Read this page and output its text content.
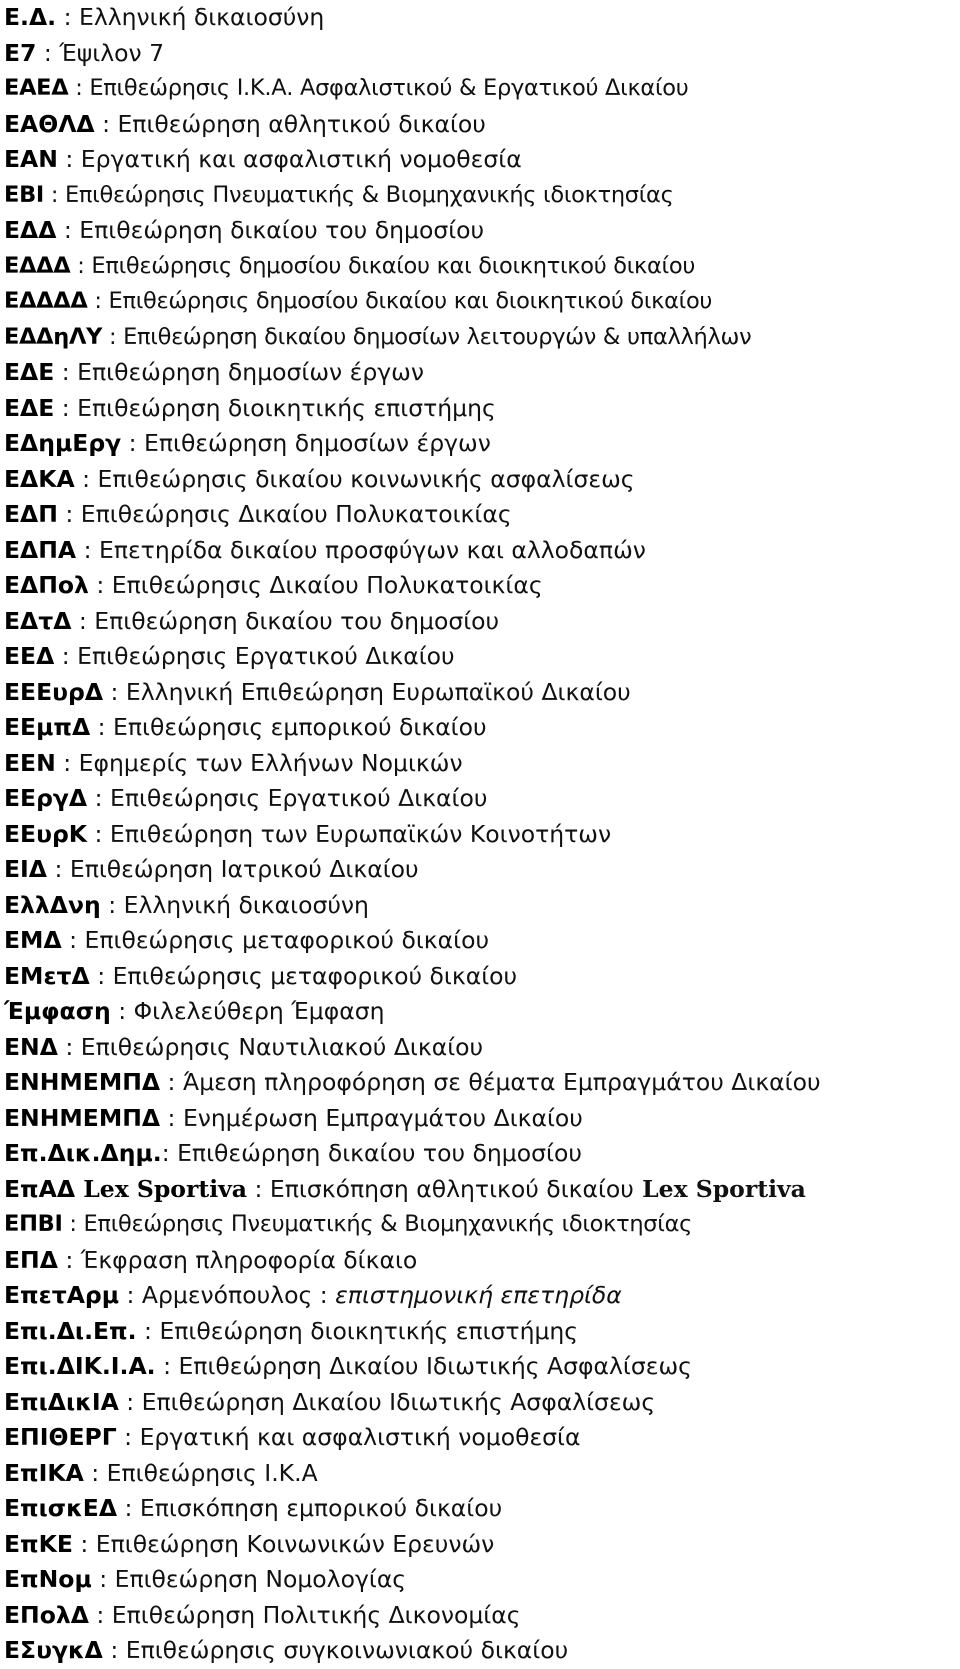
Ε.Δ. : Ελληνική δικαιοσύνη
Ε7 : Έψιλον 7
ΕΑΕΔ : Επιθεώρησις Ι.Κ.Α. Ασφαλιστικού & Εργατικού Δικαίου
ΕΑΘΛΔ : Επιθεώρηση αθλητικού δικαίου
ΕΑΝ : Εργατική και ασφαλιστική νομοθεσία
ΕΒΙ : Επιθεώρησις Πνευματικής & Βιομηχανικής ιδιοκτησίας
ΕΔΔ : Επιθεώρηση δικαίου του δημοσίου
ΕΔΔΔ : Επιθεώρησις δημοσίου δικαίου και διοικητικού δικαίου
ΕΔΔΔΔ : Επιθεώρησις δημοσίου δικαίου και διοικητικού δικαίου
ΕΔΔηΛΥ : Επιθεώρηση δικαίου δημοσίων λειτουργών & υπαλλήλων
ΕΔΕ : Επιθεώρηση δημοσίων έργων
ΕΔΕ : Επιθεώρηση διοικητικής επιστήμης
ΕΔημΕργ : Επιθεώρηση δημοσίων έργων
ΕΔΚΑ : Επιθεώρησις δικαίου κοινωνικής ασφαλίσεως
ΕΔΠ : Επιθεώρησις Δικαίου Πολυκατοικίας
ΕΔΠΑ : Επετηρίδα δικαίου προσφύγων και αλλοδαπών
ΕΔΠολ : Επιθεώρησις Δικαίου Πολυκατοικίας
ΕΔτΔ : Επιθεώρηση δικαίου του δημοσίου
ΕΕΔ : Επιθεώρησις Εργατικού Δικαίου
ΕΕΕυρΔ : Ελληνική Επιθεώρηση Ευρωπαϊκού Δικαίου
ΕΕμπΔ : Επιθεώρησις εμπορικού δικαίου
ΕΕΝ : Εφημερίς των Ελλήνων Νομικών
ΕΕργΔ : Επιθεώρησις Εργατικού Δικαίου
ΕΕυρΚ : Επιθεώρηση των Ευρωπαϊκών Κοινοτήτων
ΕΙΔ : Επιθεώρηση Ιατρικού Δικαίου
ΕλλΔνη : Ελληνική δικαιοσύνη
ΕΜΔ : Επιθεώρησις μεταφορικού δικαίου
ΕΜετΔ : Επιθεώρησις μεταφορικού δικαίου
Έμφαση : Φιλελεύθερη Έμφαση
ΕΝΔ : Επιθεώρησις Ναυτιλιακού Δικαίου
ΕΝΗΜΕΜΠΔ : Άμεση πληροφόρηση σε θέματα Εμπραγμάτου Δικαίου
ΕΝΗΜΕΜΠΔ : Ενημέρωση Εμπραγμάτου Δικαίου
Επ.Δικ.Δημ.: Επιθεώρηση δικαίου του δημοσίου
ΕπΑΔ Lex Sportiva : Επισκόπηση αθλητικού δικαίου Lex Sportiva
ΕΠΒΙ : Επιθεώρησις Πνευματικής & Βιομηχανικής ιδιοκτησίας
ΕΠΔ : Έκφραση πληροφορία δίκαιο
ΕπετΑρμ : Αρμενόπουλος : επιστημονική επετηρίδα
Επι.Δι.Επ. : Επιθεώρηση διοικητικής επιστήμης
Επι.ΔΙΚ.Ι.Α. : Επιθεώρηση Δικαίου Ιδιωτικής Ασφαλίσεως
ΕπιΔικΙΑ : Επιθεώρηση Δικαίου Ιδιωτικής Ασφαλίσεως
ΕΠΙΘΕΡΓ : Εργατική και ασφαλιστική νομοθεσία
ΕπΙΚΑ : Επιθεώρησις Ι.Κ.Α
ΕπισκΕΔ : Επισκόπηση εμπορικού δικαίου
ΕπΚΕ : Επιθεώρηση Κοινωνικών Ερευνών
ΕπΝομ : Επιθεώρηση Νομολογίας
ΕΠολΔ : Επιθεώρηση Πολιτικής Δικονομίας
ΕΣυγκΔ : Επιθεώρησις συγκοινωνιακού δικαίου
